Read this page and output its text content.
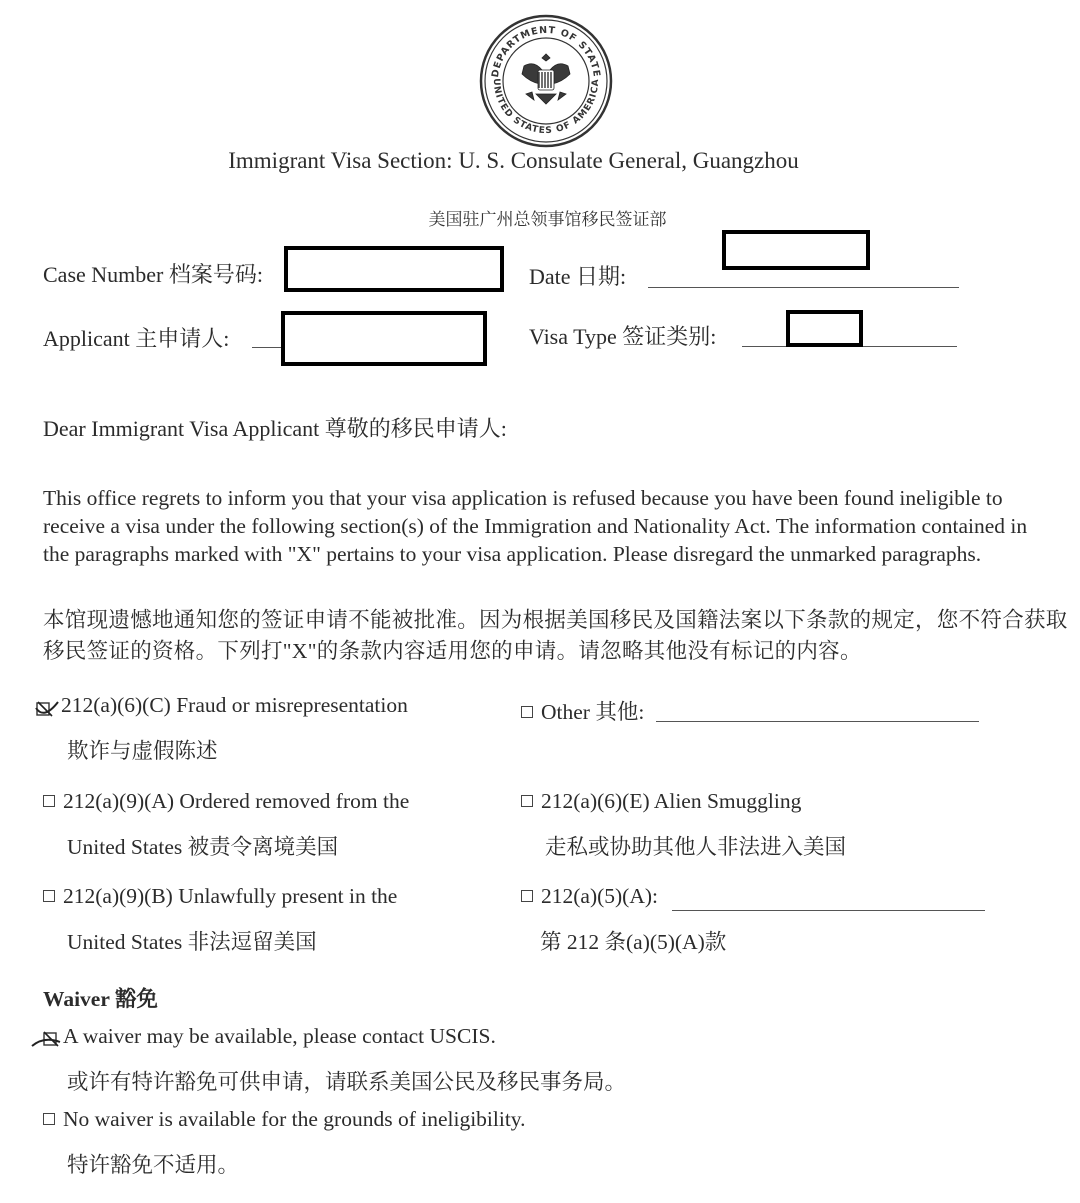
DEPARTMENT OF STATE
UNITED STATES OF AMERICA
Immigrant Visa Section: U. S. Consulate General, Guangzhou
美国驻广州总领事馆移民签证部
Case Number 档案号码:	Date 日期:
Applicant 主申请人:	Visa Type 签证类别:
Dear Immigrant Visa Applicant 尊敬的移民申请人:
This office regrets to inform you that your visa application is refused because you have been found ineligible to receive a visa under the following section(s) of the Immigration and Nationality Act. The information contained in the paragraphs marked with "X" pertains to your visa application. Please disregard the unmarked paragraphs.
本馆现遗憾地通知您的签证申请不能被批准。因为根据美国移民及国籍法案以下条款的规定，您不符合获取移民签证的资格。下列打"X"的条款内容适用您的申请。请忽略其他没有标记的内容。
212(a)(6)(C) Fraud or misrepresentation
欺诈与虚假陈述
Other 其他:
212(a)(9)(A) Ordered removed from the
United States 被责令离境美国
212(a)(6)(E) Alien Smuggling
走私或协助其他人非法进入美国
212(a)(9)(B) Unlawfully present in the
United States 非法逗留美国
212(a)(5)(A):
第 212 条(a)(5)(A)款
Waiver 豁免
A waiver may be available, please contact USCIS.
或许有特许豁免可供申请，请联系美国公民及移民事务局。
No waiver is available for the grounds of ineligibility.
特许豁免不适用。
